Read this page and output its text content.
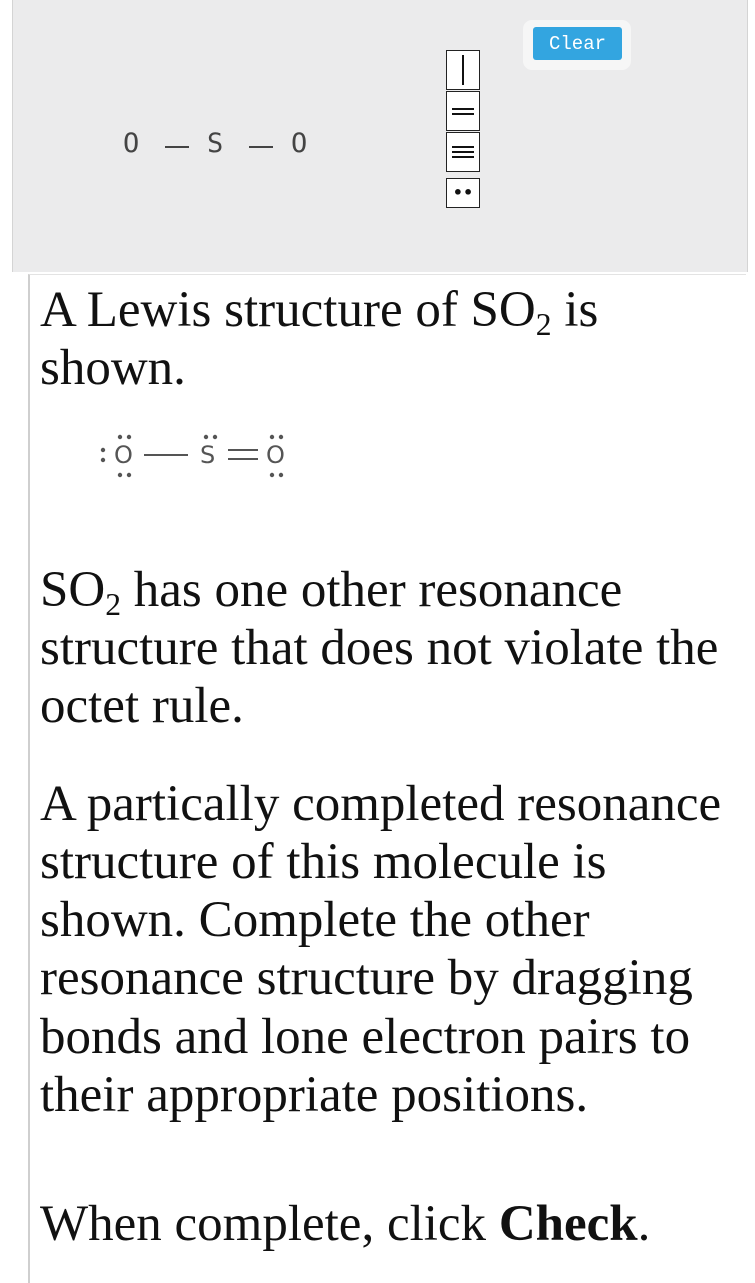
Clear
O	S	O
••
A Lewis structure of $SO_2$ is shown.
O	S O
$SO_2$ has one other resonance structure that does not violate the octet rule.
A partically completed resonance structure of this molecule is shown. Complete the other resonance structure by dragging bonds and lone electron pairs to their appropriate positions.
When complete, click Check.
